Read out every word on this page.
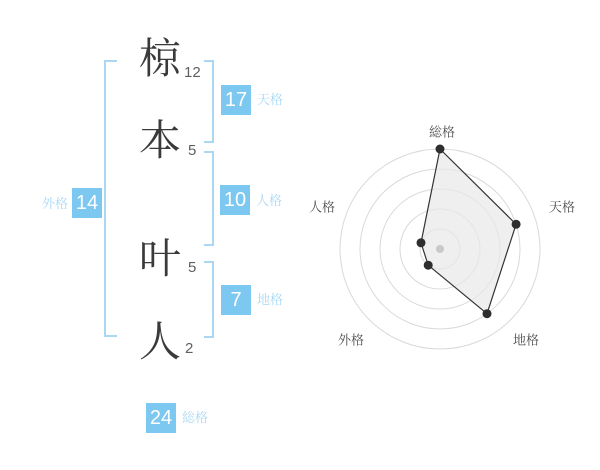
椋
本
叶
人
12
5
5
2
17 天格
10 人格
7	地格
外格 14
24 総格
総格
天格
地格
外格
人格
